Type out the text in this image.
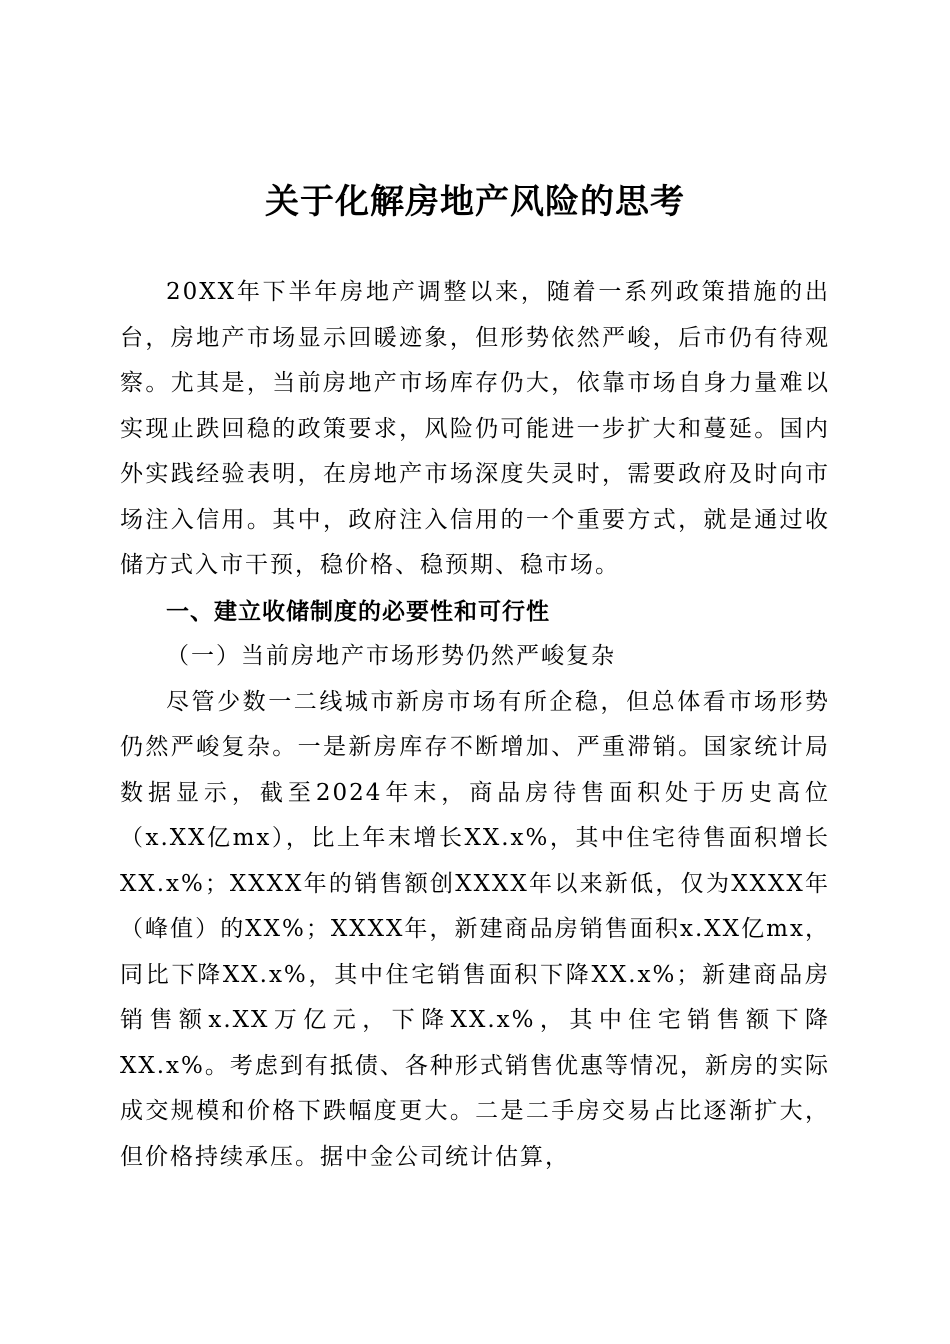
关于化解房地产风险的思考

20XX年下半年房地产调整以来，随着一系列政策措施的出台，房地产市场显示回暖迹象，但形势依然严峻，后市仍有待观察。尤其是，当前房地产市场库存仍大，依靠市场自身力量难以实现止跌回稳的政策要求，风险仍可能进一步扩大和蔓延。国内外实践经验表明，在房地产市场深度失灵时，需要政府及时向市场注入信用。其中，政府注入信用的一个重要方式，就是通过收储方式入市干预，稳价格、稳预期、稳市场。

一、建立收储制度的必要性和可行性

（一）当前房地产市场形势仍然严峻复杂

尽管少数一二线城市新房市场有所企稳，但总体看市场形势仍然严峻复杂。一是新房库存不断增加、严重滞销。国家统计局数据显示，截至2024年末，商品房待售面积处于历史高位（x.XX亿mx），比上年末增长XX.x%，其中住宅待售面积增长XX.x%；XXXX年的销售额创XXXX年以来新低，仅为XXXX年（峰值）的XX%；XXXX年，新建商品房销售面积x.XX亿mx，同比下降XX.x%，其中住宅销售面积下降XX.x%；新建商品房销售额x.XX万亿元，下降XX.x%，其中住宅销售额下降XX.x%。考虑到有抵债、各种形式销售优惠等情况，新房的实际成交规模和价格下跌幅度更大。二是二手房交易占比逐渐扩大，但价格持续承压。据中金公司统计估算，
